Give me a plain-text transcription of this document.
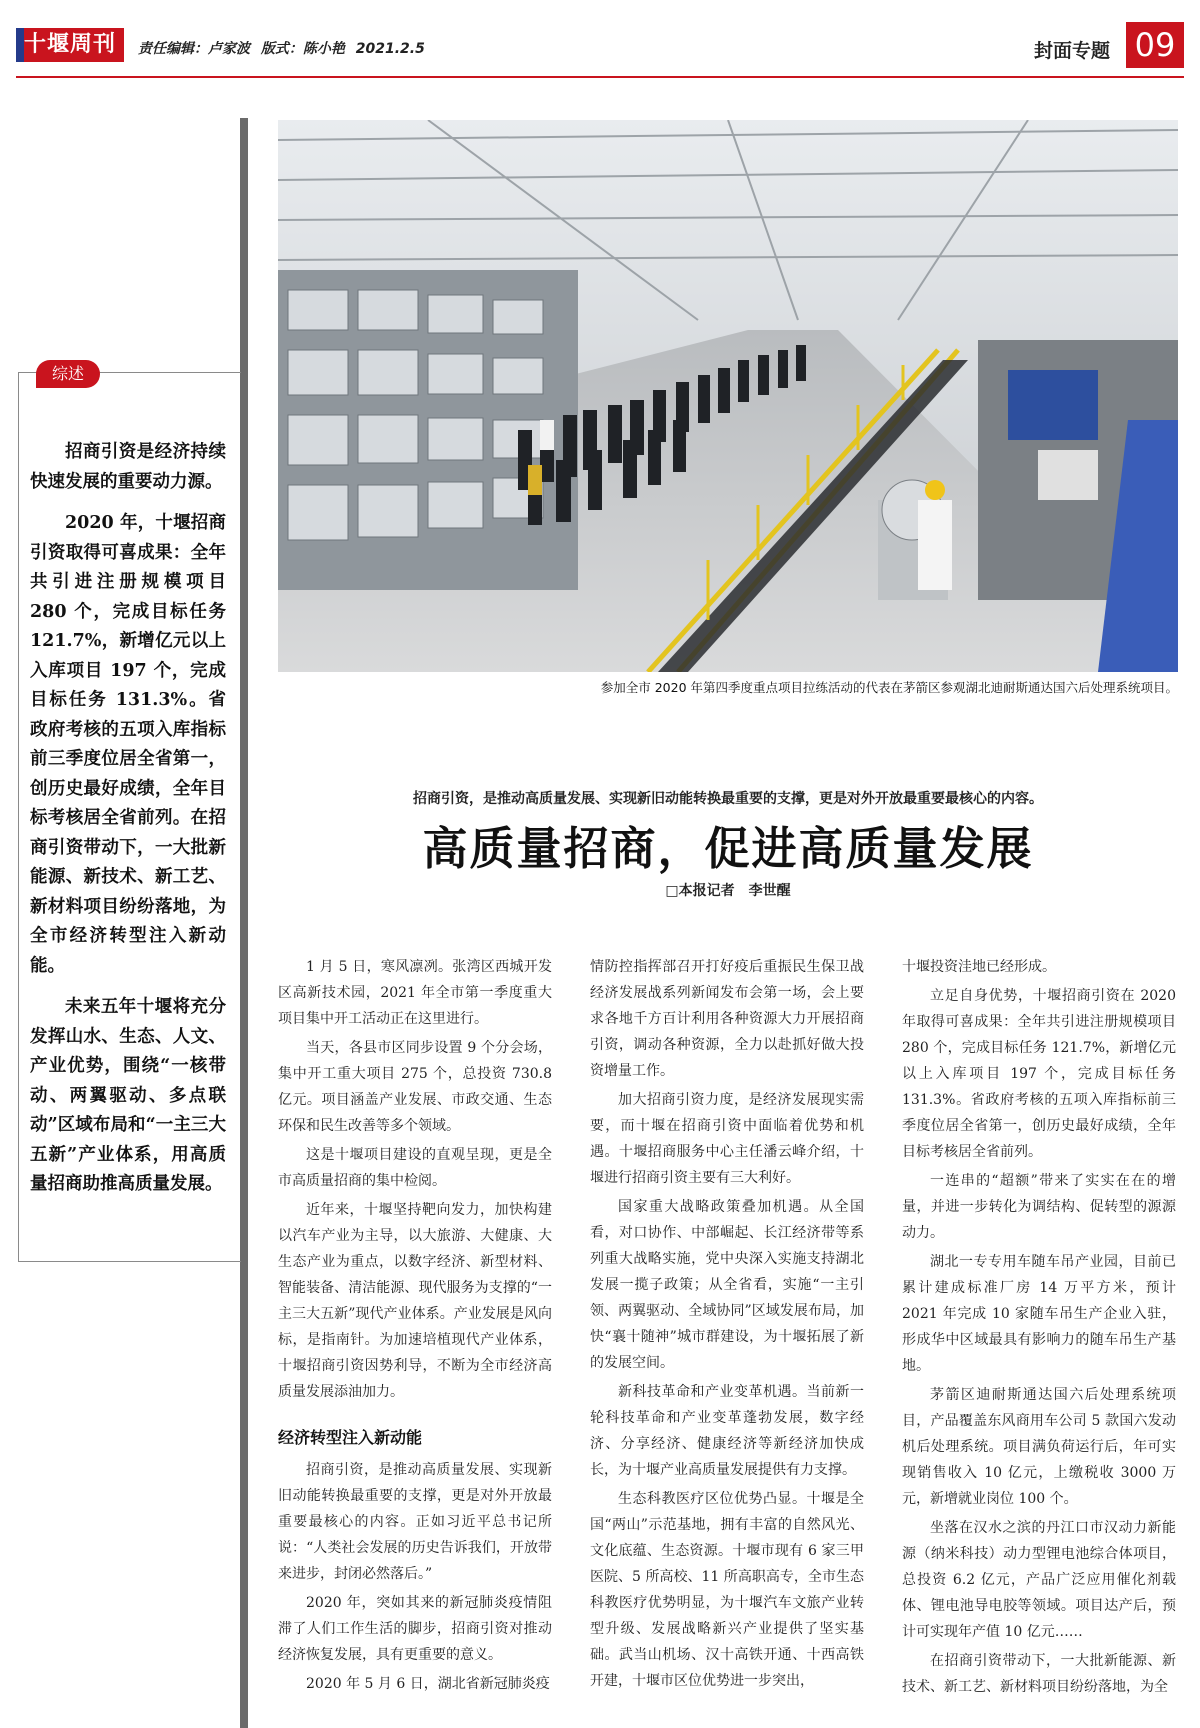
十堰周刊	责任编辑：卢家波 版式：陈小艳 2021.2.5	封面专题 09
参加全市 2020 年第四季度重点项目拉练活动的代表在茅箭区参观湖北迪耐斯通达国六后处理系统项目。
综述

招商引资是经济持续快速发展的重要动力源。

2020 年，十堰招商引资取得可喜成果：全年共引进注册规模项目 280 个，完成目标任务 121.7%，新增亿元以上入库项目 197 个，完成目标任务 131.3%。省政府考核的五项入库指标前三季度位居全省第一，创历史最好成绩，全年目标考核居全省前列。在招商引资带动下，一大批新能源、新技术、新工艺、新材料项目纷纷落地，为全市经济转型注入新动能。

未来五年十堰将充分发挥山水、生态、人文、产业优势，围绕“一核带动、两翼驱动、多点联动”区域布局和“一主三大五新”产业体系，用高质量招商助推高质量发展。

招商引资，是推动高质量发展、实现新旧动能转换最重要的支撑，更是对外开放最重要最核心的内容。
高质量招商，促进高质量发展
□本报记者　李世醒

1 月 5 日，寒风凛冽。张湾区西城开发区高新技术园，2021 年全市第一季度重大项目集中开工活动正在这里进行。

当天，各县市区同步设置 9 个分会场，集中开工重大项目 275 个，总投资 730.8 亿元。项目涵盖产业发展、市政交通、生态环保和民生改善等多个领域。

这是十堰项目建设的直观呈现，更是全市高质量招商的集中检阅。

近年来，十堰坚持靶向发力，加快构建以汽车产业为主导，以大旅游、大健康、大生态产业为重点，以数字经济、新型材料、智能装备、清洁能源、现代服务为支撑的“一主三大五新”现代产业体系。产业发展是风向标，是指南针。为加速培植现代产业体系，十堰招商引资因势利导，不断为全市经济高质量发展添油加力。

经济转型注入新动能

招商引资，是推动高质量发展、实现新旧动能转换最重要的支撑，更是对外开放最重要最核心的内容。正如习近平总书记所说：“人类社会发展的历史告诉我们，开放带来进步，封闭必然落后。”

2020 年，突如其来的新冠肺炎疫情阻滞了人们工作生活的脚步，招商引资对推动经济恢复发展，具有更重要的意义。

2020 年 5 月 6 日，湖北省新冠肺炎疫

情防控指挥部召开打好疫后重振民生保卫战经济发展战系列新闻发布会第一场，会上要求各地千方百计利用各种资源大力开展招商引资，调动各种资源，全力以赴抓好做大投资增量工作。

加大招商引资力度，是经济发展现实需要，而十堰在招商引资中面临着优势和机遇。十堰招商服务中心主任潘云峰介绍，十堰进行招商引资主要有三大利好。

国家重大战略政策叠加机遇。从全国看，对口协作、中部崛起、长江经济带等系列重大战略实施，党中央深入实施支持湖北发展一揽子政策；从全省看，实施“一主引领、两翼驱动、全域协同”区域发展布局，加快“襄十随神”城市群建设，为十堰拓展了新的发展空间。

新科技革命和产业变革机遇。当前新一轮科技革命和产业变革蓬勃发展，数字经济、分享经济、健康经济等新经济加快成长，为十堰产业高质量发展提供有力支撑。

生态科教医疗区位优势凸显。十堰是全国“两山”示范基地，拥有丰富的自然风光、文化底蕴、生态资源。十堰市现有 6 家三甲医院、5 所高校、11 所高职高专，全市生态科教医疗优势明显，为十堰汽车文旅产业转型升级、发展战略新兴产业提供了坚实基础。武当山机场、汉十高铁开通、十西高铁开建，十堰市区位优势进一步突出，

十堰投资洼地已经形成。

立足自身优势，十堰招商引资在 2020 年取得可喜成果：全年共引进注册规模项目 280 个，完成目标任务 121.7%，新增亿元以上入库项目 197 个，完成目标任务 131.3%。省政府考核的五项入库指标前三季度位居全省第一，创历史最好成绩，全年目标考核居全省前列。

一连串的“超额”带来了实实在在的增量，并进一步转化为调结构、促转型的源源动力。

湖北一专专用车随车吊产业园，目前已累计建成标准厂房 14 万平方米，预计 2021 年完成 10 家随车吊生产企业入驻，形成华中区域最具有影响力的随车吊生产基地。

茅箭区迪耐斯通达国六后处理系统项目，产品覆盖东风商用车公司 5 款国六发动机后处理系统。项目满负荷运行后，年可实现销售收入 10 亿元，上缴税收 3000 万元，新增就业岗位 100 个。

坐落在汉水之滨的丹江口市汉动力新能源（纳米科技）动力型锂电池综合体项目，总投资 6.2 亿元，产品广泛应用催化剂载体、锂电池导电胶等领域。项目达产后，预计可实现年产值 10 亿元……

在招商引资带动下，一大批新能源、新技术、新工艺、新材料项目纷纷落地，为全
